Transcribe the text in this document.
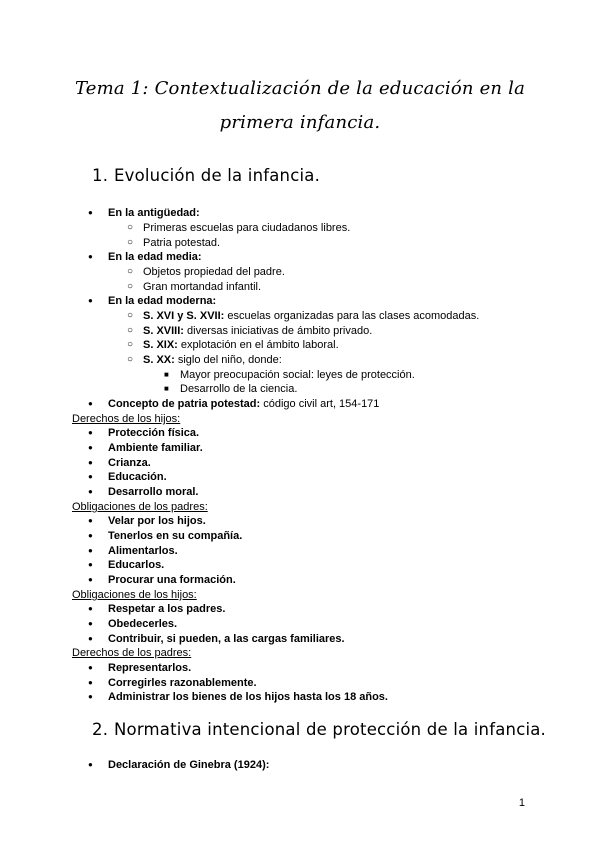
Tema 1: Contextualización de la educación en la primera infancia.
1. Evolución de la infancia.
● En la antigüedad:
○ Primeras escuelas para ciudadanos libres.
○ Patria potestad.
● En la edad media:
○ Objetos propiedad del padre.
○ Gran mortandad infantil.
● En la edad moderna:
○ S. XVI y S. XVII: escuelas organizadas para las clases acomodadas.
○ S. XVIII: diversas iniciativas de ámbito privado.
○ S. XIX: explotación en el ámbito laboral.
○ S. XX: siglo del niño, donde:
■ Mayor preocupación social: leyes de protección.
■ Desarrollo de la ciencia.
● Concepto de patria potestad: código civil art, 154-171
Derechos de los hijos:
● Protección física.
● Ambiente familiar.
● Crianza.
● Educación.
● Desarrollo moral.
Obligaciones de los padres:
● Velar por los hijos.
● Tenerlos en su compañía.
● Alimentarlos.
● Educarlos.
● Procurar una formación.
Obligaciones de los hijos:
● Respetar a los padres.
● Obedecerles.
● Contribuir, si pueden, a las cargas familiares.
Derechos de los padres:
● Representarlos.
● Corregirles razonablemente.
● Administrar los bienes de los hijos hasta los 18 años.
● Declaración de Ginebra (1924):
2. Normativa intencional de protección de la infancia.
1
